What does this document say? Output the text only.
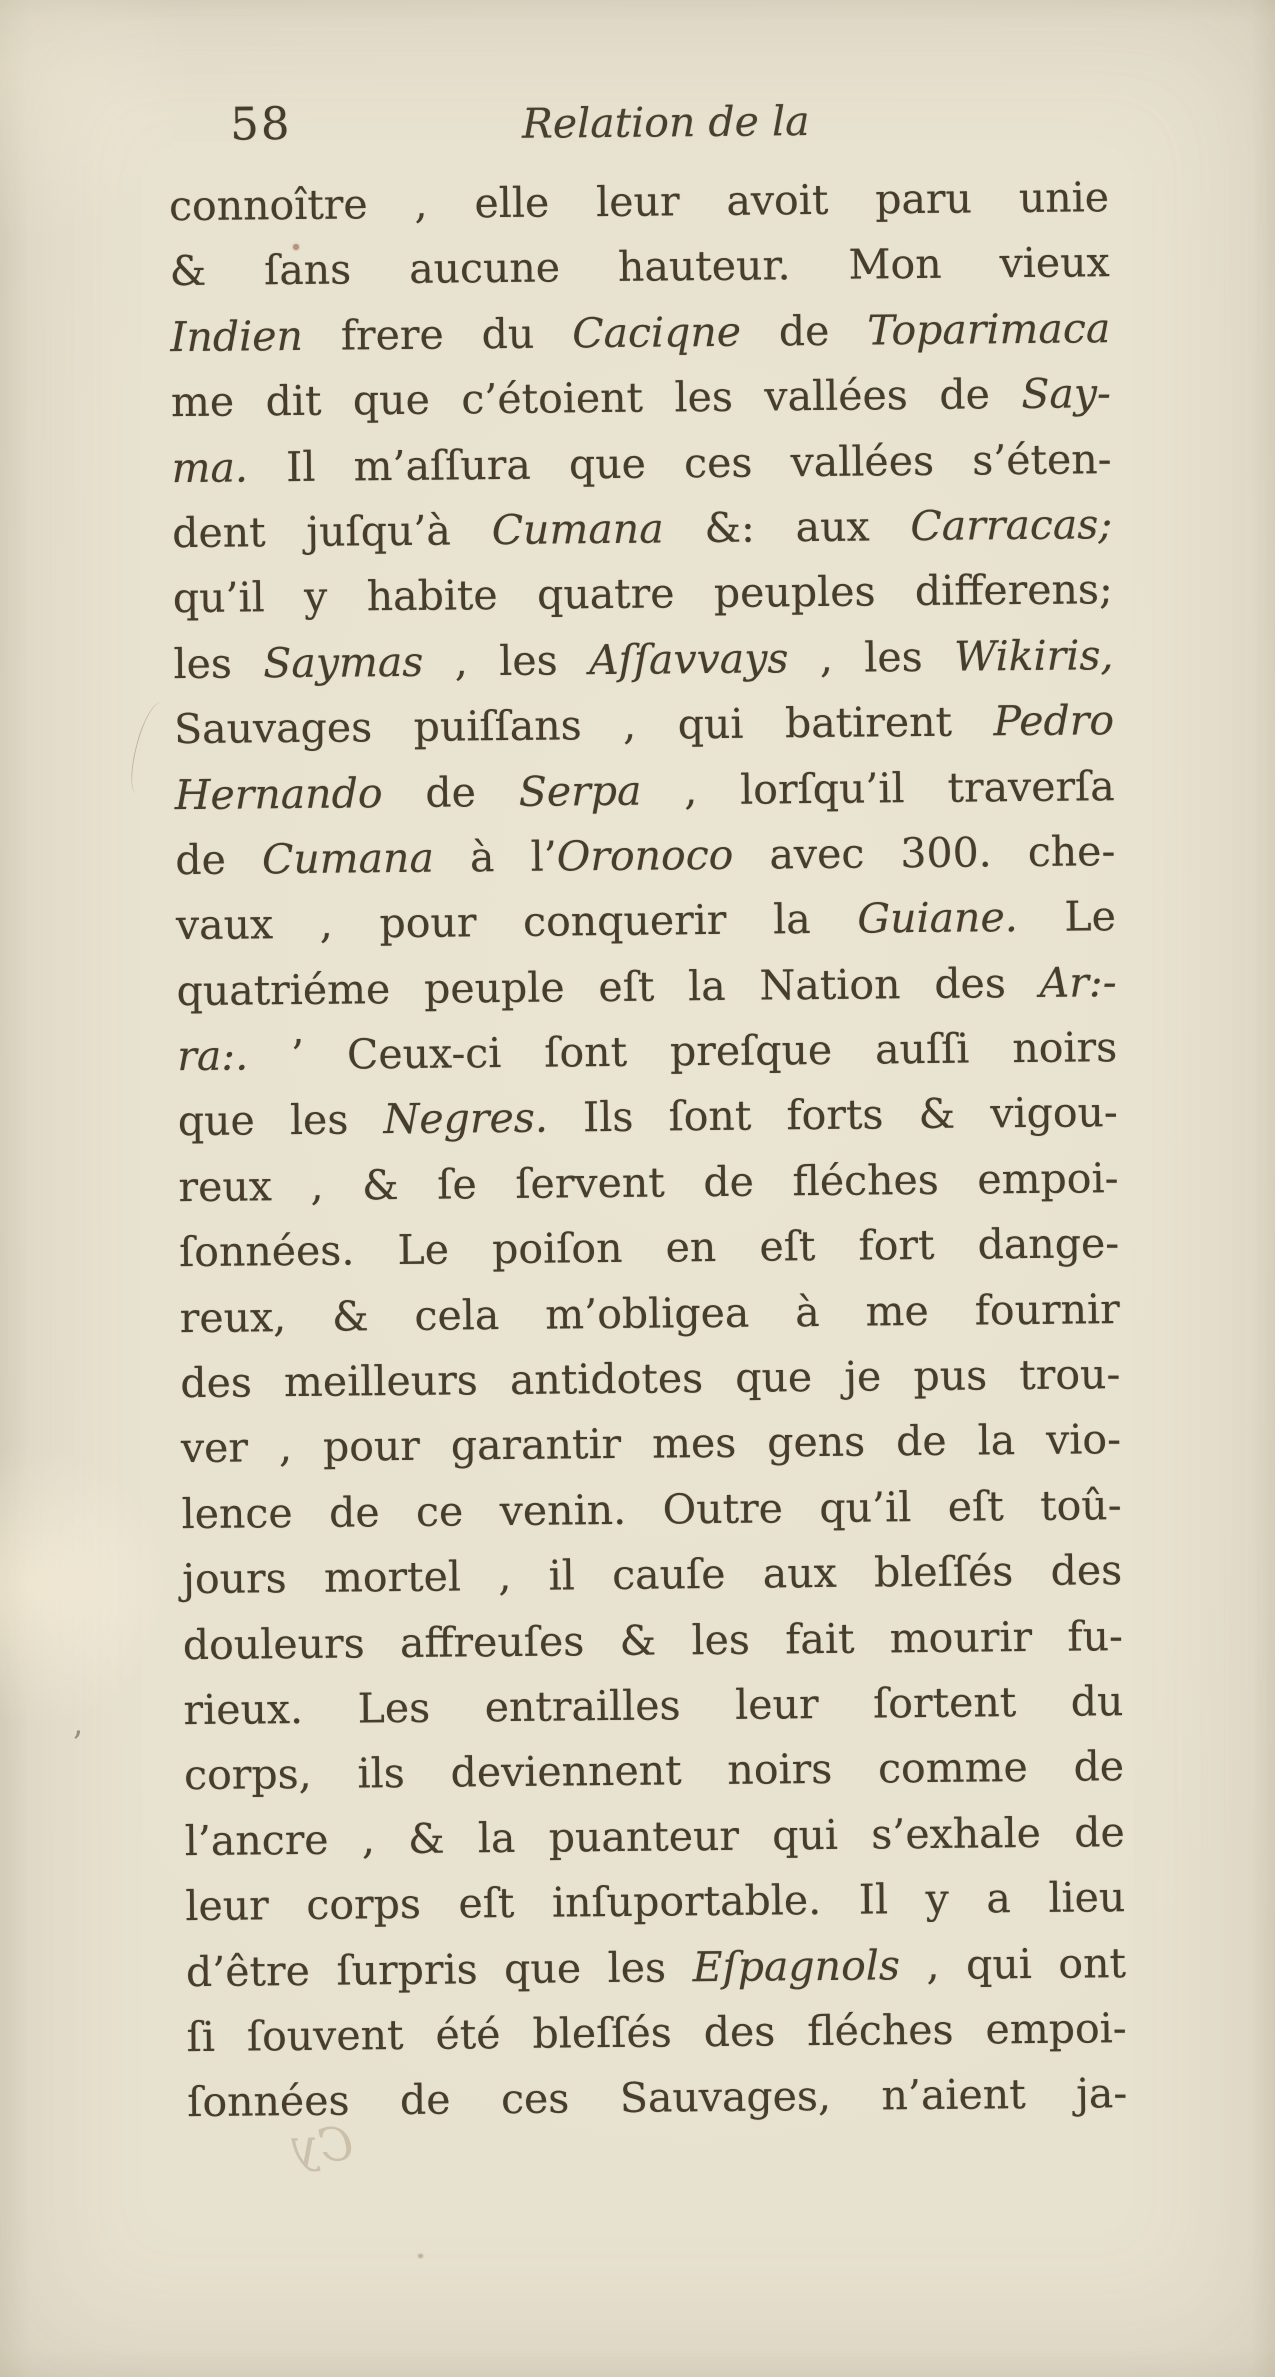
’
Cy
58	Relation de la
connoître , elle leur avoit paru unie
& ſans aucune hauteur. Mon vieux
Indien frere du Caciqne de Toparimaca
me dit que c’étoient les vallées de Say-
ma. Il m’aſſura que ces vallées s’éten-
dent juſqu’à Cumana &: aux Carracas;
qu’il y habite quatre peuples differens;
les Saymas , les Aſſavvays , les Wikiris,
Sauvages puiſſans , qui batirent Pedro
Hernando de Serpa , lorſqu’il traverſa
de Cumana à l’Oronoco avec 300. che-
vaux , pour conquerir la Guiane. Le
quatriéme peuple eſt la Nation des Ar:-
ra:. ’ Ceux-ci ſont preſque auſſi noirs
que les Negres. Ils ſont forts & vigou-
reux , & ſe ſervent de fléches empoi-
ſonnées. Le poiſon en eſt fort dange-
reux, & cela m’obligea à me fournir
des meilleurs antidotes que je pus trou-
ver , pour garantir mes gens de la vio-
lence de ce venin. Outre qu’il eſt toû-
jours mortel , il cauſe aux bleſſés des
douleurs affreuſes & les fait mourir fu-
rieux. Les entrailles leur ſortent du
corps, ils deviennent noirs comme de
l’ancre , & la puanteur qui s’exhale de
leur corps eſt inſuportable. Il y a lieu
d’être ſurpris que les Eſpagnols , qui ont
ſi ſouvent été bleſſés des fléches empoi-
ſonnées de ces Sauvages, n’aient ja-
